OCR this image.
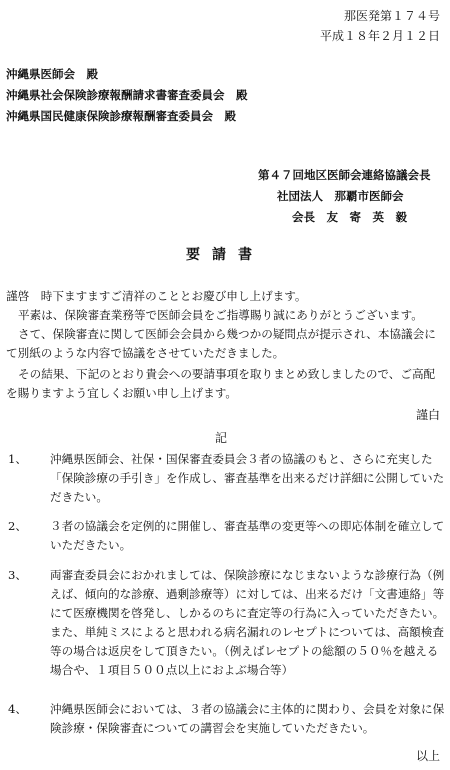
那医発第１７４号
平成１８年２月１２日
沖縄県医師会　殿
沖縄県社会保険診療報酬請求書審査委員会　殿
沖縄県国民健康保険診療報酬審査委員会　殿
第４７回地区医師会連絡協議会長
社団法人　那覇市医師会
会長　友　寄　英　毅
要請書
謹啓　時下ますますご清祥のこととお慶び申し上げます。
平素は、保険審査業務等で医師会員をご指導賜り誠にありがとうございます。
さて、保険審査に関して医師会会員から幾つかの疑問点が提示され、本協議会にて別紙のような内容で協議をさせていただきました。
その結果、下記のとおり貴会への要請事項を取りまとめ致しましたので、ご高配を賜りますよう宜しくお願い申し上げます。
謹白
記
1、 沖縄県医師会、社保・国保審査委員会３者の協議のもと、さらに充実した「保険診療の手引き」を作成し、審査基準を出来るだけ詳細に公開していただきたい。
2、 ３者の協議会を定例的に開催し、審査基準の変更等への即応体制を確立していただきたい。
3、 両審査委員会におかれましては、保険診療になじまないような診療行為（例えば、傾向的な診療、過剰診療等）に対しては、出来るだけ「文書連絡」等にて医療機関を啓発し、しかるのちに査定等の行為に入っていただきたい。また、単純ミスによると思われる病名漏れのレセプトについては、高額検査等の場合は返戻をして頂きたい。（例えばレセプトの総額の５０％を越える場合や、１項目５００点以上におよぶ場合等）
4、 沖縄県医師会においては、３者の協議会に主体的に関わり、会員を対象に保険診療・保険審査についての講習会を実施していただきたい。
以上
